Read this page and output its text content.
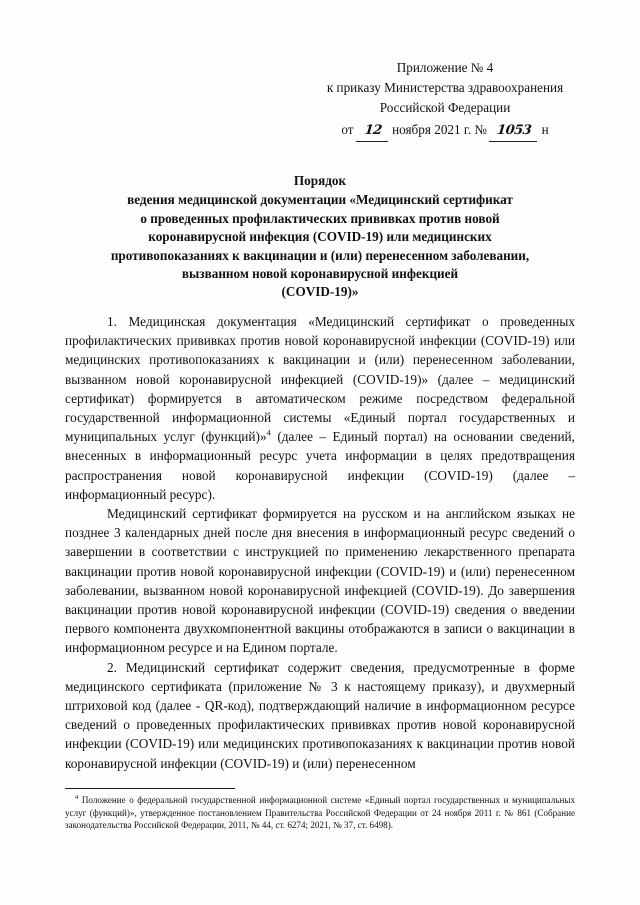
Приложение № 4
к приказу Министерства здравоохранения
Российской Федерации
от 12 ноября 2021 г. № 1053 н
Порядок
ведения медицинской документации «Медицинский сертификат
о проведенных профилактических прививках против новой
коронавирусной инфекция (COVID-19) или медицинских
противопоказаниях к вакцинации и (или) перенесенном заболевании,
вызванном новой коронавирусной инфекцией
(COVID-19)»

1. Медицинская документация «Медицинский сертификат о проведенных профилактических прививках против новой коронавирусной инфекции (COVID-19) или медицинских противопоказаниях к вакцинации и (или) перенесенном заболевании, вызванном новой коронавирусной инфекцией (COVID-19)» (далее – медицинский сертификат) формируется в автоматическом режиме посредством федеральной государственной информационной системы «Единый портал государственных и муниципальных услуг (функций)»$^4$ (далее – Единый портал) на основании сведений, внесенных в информационный ресурс учета информации в целях предотвращения распространения новой коронавирусной инфекции (COVID-19) (далее – информационный ресурс).

Медицинский сертификат формируется на русском и на английском языках не позднее 3 календарных дней после дня внесения в информационный ресурс сведений о завершении в соответствии с инструкцией по применению лекарственного препарата вакцинации против новой коронавирусной инфекции (COVID-19) и (или) перенесенном заболевании, вызванном новой коронавирусной инфекцией (COVID-19). До завершения вакцинации против новой коронавирусной инфекции (COVID-19) сведения о введении первого компонента двухкомпонентной вакцины отображаются в записи о вакцинации в информационном ресурсе и на Едином портале.

2. Медицинский сертификат содержит сведения, предусмотренные в форме медицинского сертификата (приложение № 3 к настоящему приказу), и двухмерный штриховой код (далее - QR-код), подтверждающий наличие в информационном ресурсе сведений о проведенных профилактических прививках против новой коронавирусной инфекции (COVID-19) или медицинских противопоказаниях к вакцинации против новой коронавирусной инфекции (COVID-19) и (или) перенесенном

$^4$ Положение о федеральной государственной информационной системе «Единый портал государственных и муниципальных услуг (функций)», утвержденное постановлением Правительства Российской Федерации от 24 ноября 2011 г. № 861 (Собрание законодательства Российской Федерации, 2011, № 44, ст. 6274; 2021, № 37, ст. 6498).
